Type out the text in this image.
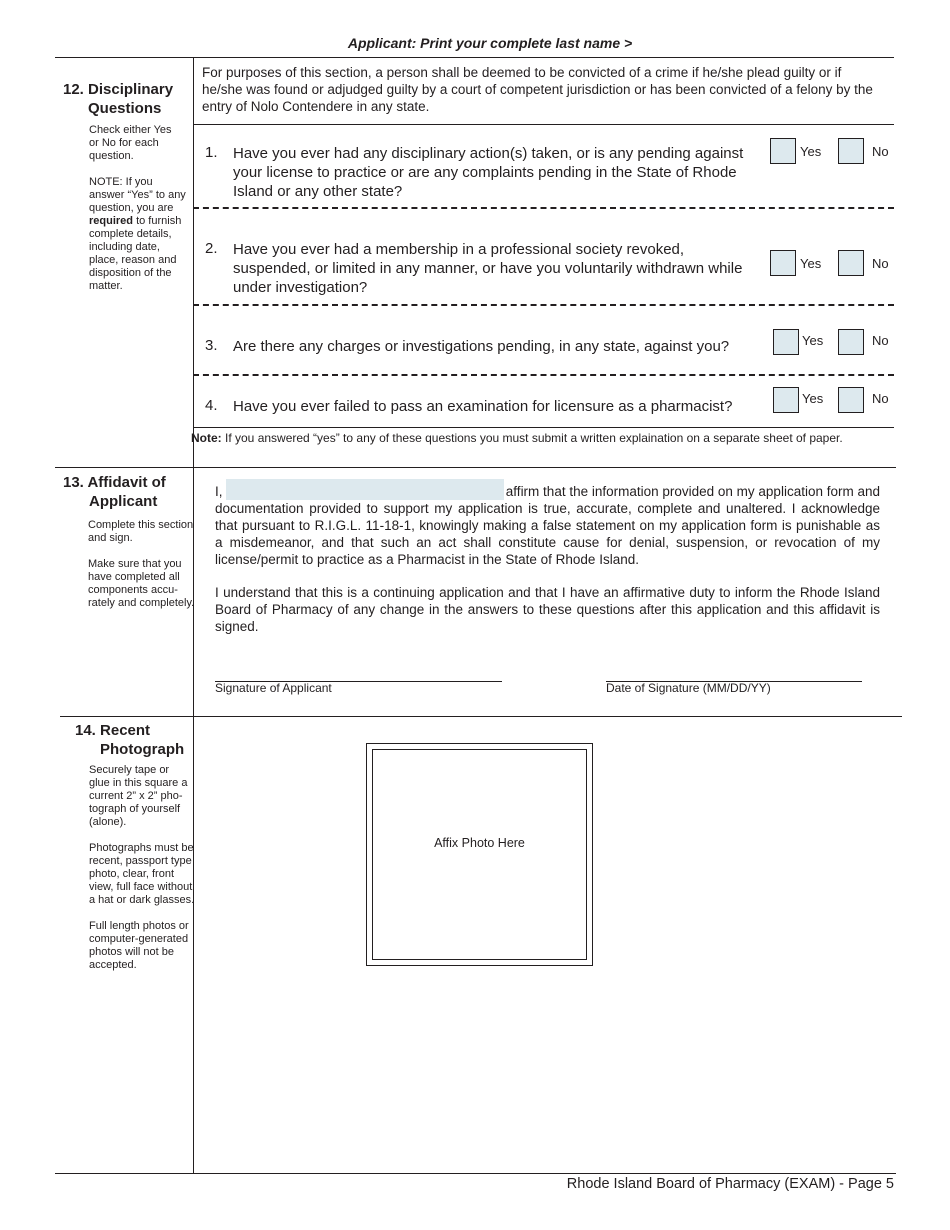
Applicant: Print your complete last name >
12. Disciplinary
Questions
Check either Yes
or No for each
question.
NOTE: If you
answer “Yes” to any
question, you are
required to furnish
complete details,
including date,
place, reason and
disposition of the
matter.
For purposes of this section, a person shall be deemed to be convicted of a crime if he/she plead guilty or if he/she was found or adjudged guilty by a court of competent jurisdiction or has been convicted of a felony by the entry of Nolo Contendere in any state.
1. Have you ever had any disciplinary action(s) taken, or is any pending against your license to practice or are any complaints pending in the State of Rhode Island or any other state?
Yes	No
2. Have you ever had a membership in a professional society revoked, suspended, or limited in any manner, or have you voluntarily withdrawn while under investigation?
Yes	No
3. Are there any charges or investigations pending, in any state, against you?	Yes	No
4. Have you ever failed to pass an examination for licensure as a pharmacist?	Yes	No
Note: If you answered “yes” to any of these questions you must submit a written explaination on a separate sheet of paper.
13. Affidavit of
Applicant
Complete this section
and sign.
Make sure that you
have completed all
components accu-
rately and completely.
I,	affirm that the information provided on my application form and
documentation provided to support my application is true, accurate, complete and unaltered. I acknowledge that pursuant to R.I.G.L. 11-18-1, knowingly making a false statement on my application form is punishable as a misdemeanor, and that such an act shall constitute cause for denial, suspension, or revocation of my license/permit to practice as a Pharmacist in the State of Rhode Island.
I understand that this is a continuing application and that I have an affirmative duty to inform the Rhode Island Board of Pharmacy of any change in the answers to these questions after this application and this affidavit is signed.
Signature of Applicant	Date of Signature (MM/DD/YY)
14. Recent
Photograph
Securely tape or
glue in this square a
current 2” x 2” pho-
tograph of yourself
(alone).
Photographs must be
recent, passport type
photo, clear, front
view, full face without
a hat or dark glasses.
Full length photos or
computer-generated
photos will not be
accepted.
Affix Photo Here
Rhode Island Board of Pharmacy (EXAM) - Page 5
